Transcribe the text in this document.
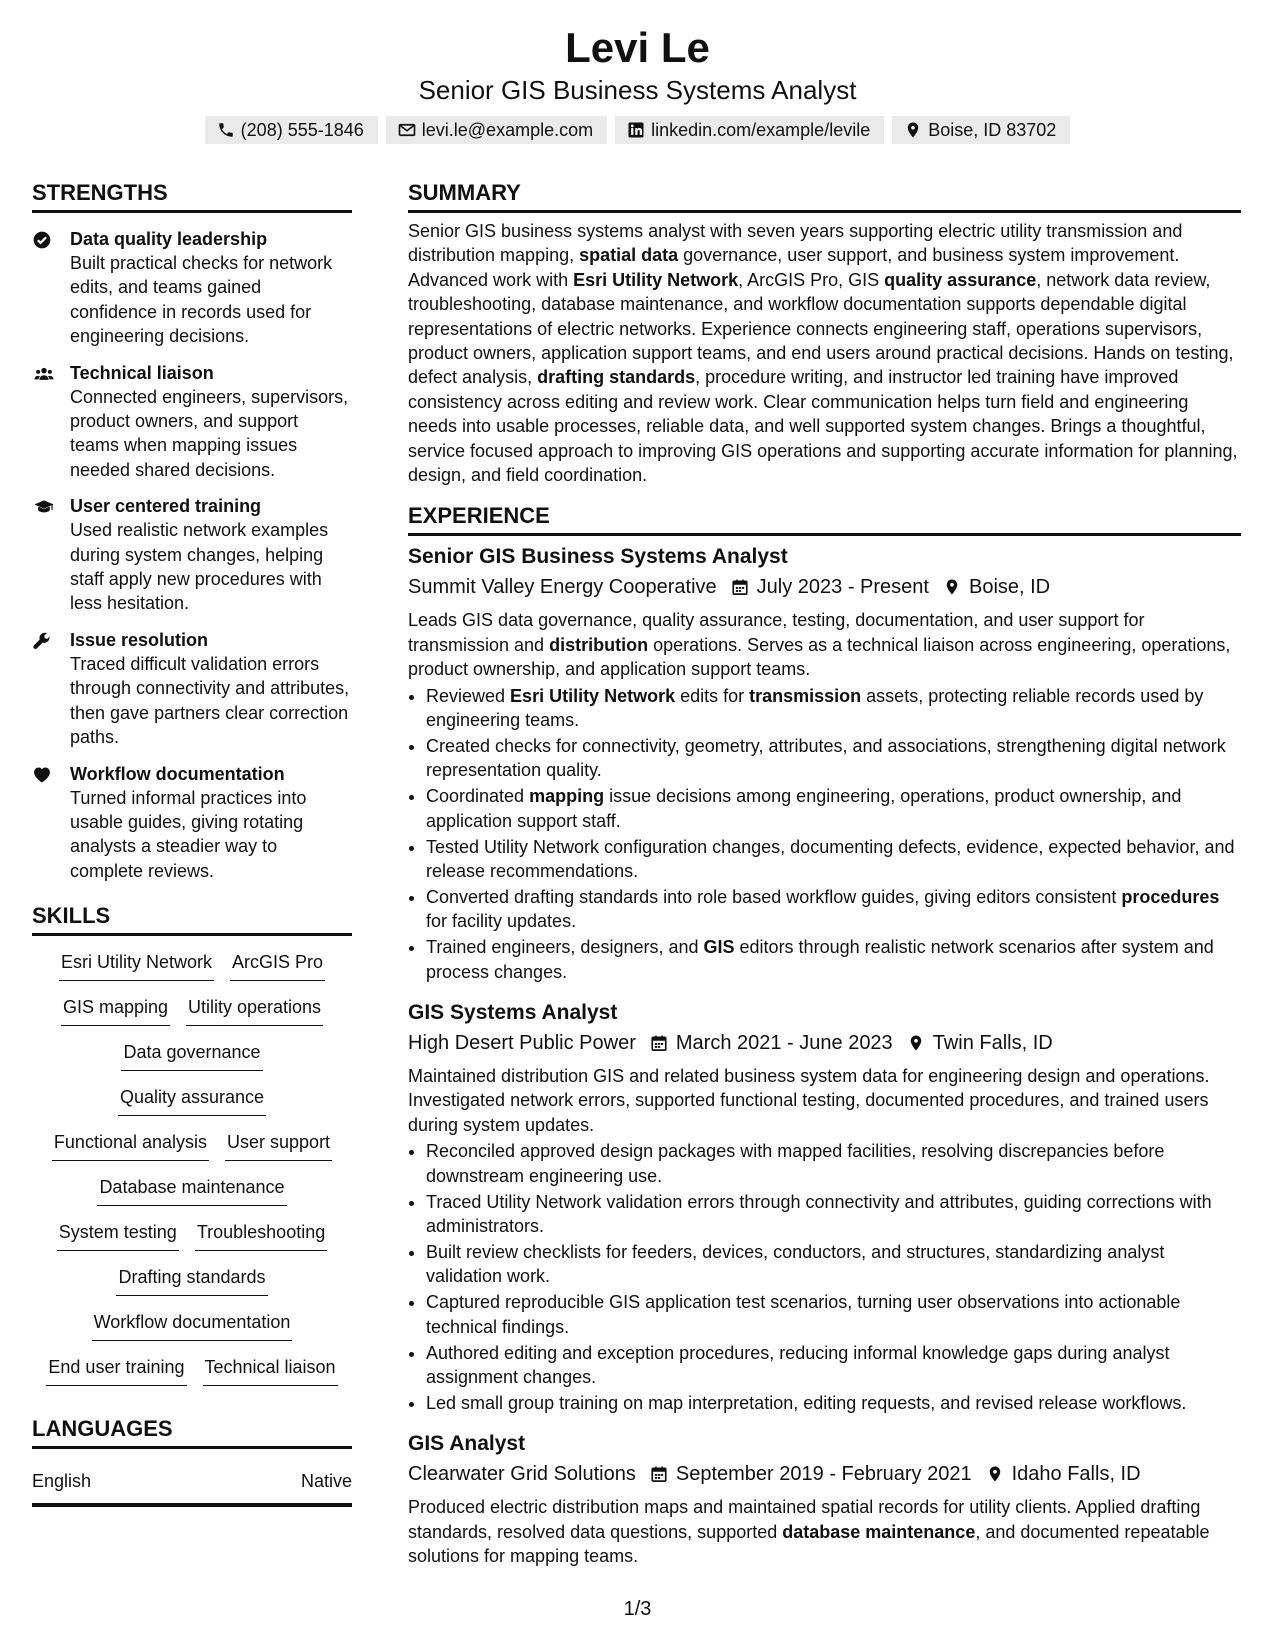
Levi Le
Senior GIS Business Systems Analyst
(208) 555-1846	levi.le@example.com	linkedin.com/example/levile	Boise, ID 83702
STRENGTHS
Data quality leadership
Built practical checks for network edits, and teams gained confidence in records used for engineering decisions.
Technical liaison
Connected engineers, supervisors, product owners, and support teams when mapping issues needed shared decisions.
User centered training
Used realistic network examples during system changes, helping staff apply new procedures with less hesitation.
Issue resolution
Traced difficult validation errors through connectivity and attributes, then gave partners clear correction paths.
Workflow documentation
Turned informal practices into usable guides, giving rotating analysts a steadier way to complete reviews.
SKILLS
Esri Utility Network ArcGIS Pro
GIS mapping Utility operations
Data governance
Quality assurance
Functional analysis User support
Database maintenance
System testing Troubleshooting
Drafting standards
Workflow documentation
End user training Technical liaison
LANGUAGES
English	Native
SUMMARY
Senior GIS business systems analyst with seven years supporting electric utility transmission and distribution mapping, spatial data governance, user support, and business system improvement. Advanced work with Esri Utility Network, ArcGIS Pro, GIS quality assurance, network data review, troubleshooting, database maintenance, and workflow documentation supports dependable digital representations of electric networks. Experience connects engineering staff, operations supervisors, product owners, application support teams, and end users around practical decisions. Hands on testing, defect analysis, drafting standards, procedure writing, and instructor led training have improved consistency across editing and review work. Clear communication helps turn field and engineering needs into usable processes, reliable data, and well supported system changes. Brings a thoughtful, service focused approach to improving GIS operations and supporting accurate information for planning, design, and field coordination.
EXPERIENCE
Senior GIS Business Systems Analyst
Summit Valley Energy Cooperative July 2023 - Present Boise, ID
Leads GIS data governance, quality assurance, testing, documentation, and user support for transmission and distribution operations. Serves as a technical liaison across engineering, operations, product ownership, and application support teams.
• Reviewed Esri Utility Network edits for transmission assets, protecting reliable records used by engineering teams.
• Created checks for connectivity, geometry, attributes, and associations, strengthening digital network representation quality.
• Coordinated mapping issue decisions among engineering, operations, product ownership, and application support staff.
• Tested Utility Network configuration changes, documenting defects, evidence, expected behavior, and release recommendations.
• Converted drafting standards into role based workflow guides, giving editors consistent procedures for facility updates.
• Trained engineers, designers, and GIS editors through realistic network scenarios after system and process changes.
GIS Systems Analyst
High Desert Public Power March 2021 - June 2023 Twin Falls, ID
Maintained distribution GIS and related business system data for engineering design and operations. Investigated network errors, supported functional testing, documented procedures, and trained users during system updates.
• Reconciled approved design packages with mapped facilities, resolving discrepancies before downstream engineering use.
• Traced Utility Network validation errors through connectivity and attributes, guiding corrections with administrators.
• Built review checklists for feeders, devices, conductors, and structures, standardizing analyst validation work.
• Captured reproducible GIS application test scenarios, turning user observations into actionable technical findings.
• Authored editing and exception procedures, reducing informal knowledge gaps during analyst assignment changes.
• Led small group training on map interpretation, editing requests, and revised release workflows.
GIS Analyst
Clearwater Grid Solutions September 2019 - February 2021 Idaho Falls, ID
Produced electric distribution maps and maintained spatial records for utility clients. Applied drafting standards, resolved data questions, supported database maintenance, and documented repeatable solutions for mapping teams.
1/3
